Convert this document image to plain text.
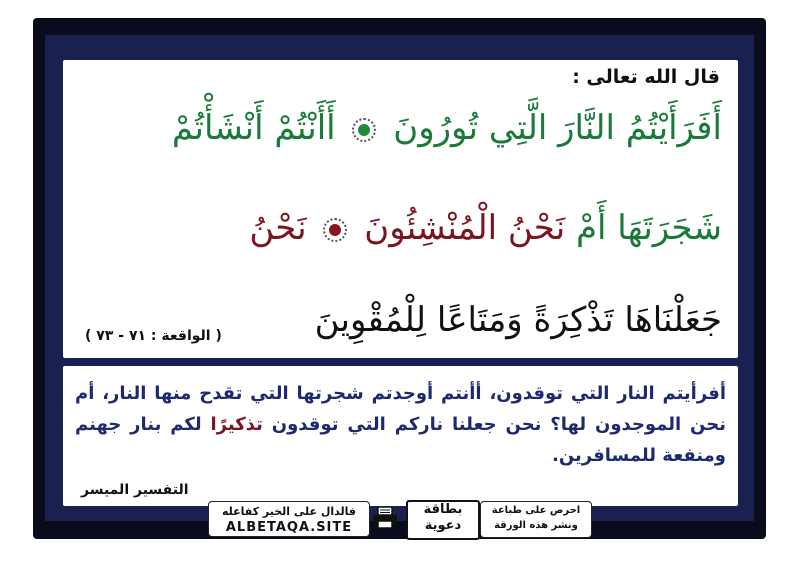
قال الله تعالى :
أَفَرَأَيْتُمُ النَّارَ الَّتِي تُورُونَ  أَأَنْتُمْ أَنْشَأْتُمْ
شَجَرَتَهَا أَمْ نَحْنُ الْمُنْشِئُونَ  نَحْنُ
جَعَلْنَاهَا تَذْكِرَةً وَمَتَاعًا لِلْمُقْوِينَ
( الواقعة : ٧١ - ٧٣ )
أفرأيتم النار التي توقدون، أأنتم أوجدتم شجرتها التي تقدح منها النار، أم نحن الموجدون لها؟ نحن جعلنا ناركم التي توقدون تذكيرًا لكم بنار جهنم ومنفعة للمسافرين.
التفسير الميسر
فالدال على الخير كفاعله
ALBETAQA.SITE
بطاقة دعوية
احرص على طباعة ونشر هذه الورقة
